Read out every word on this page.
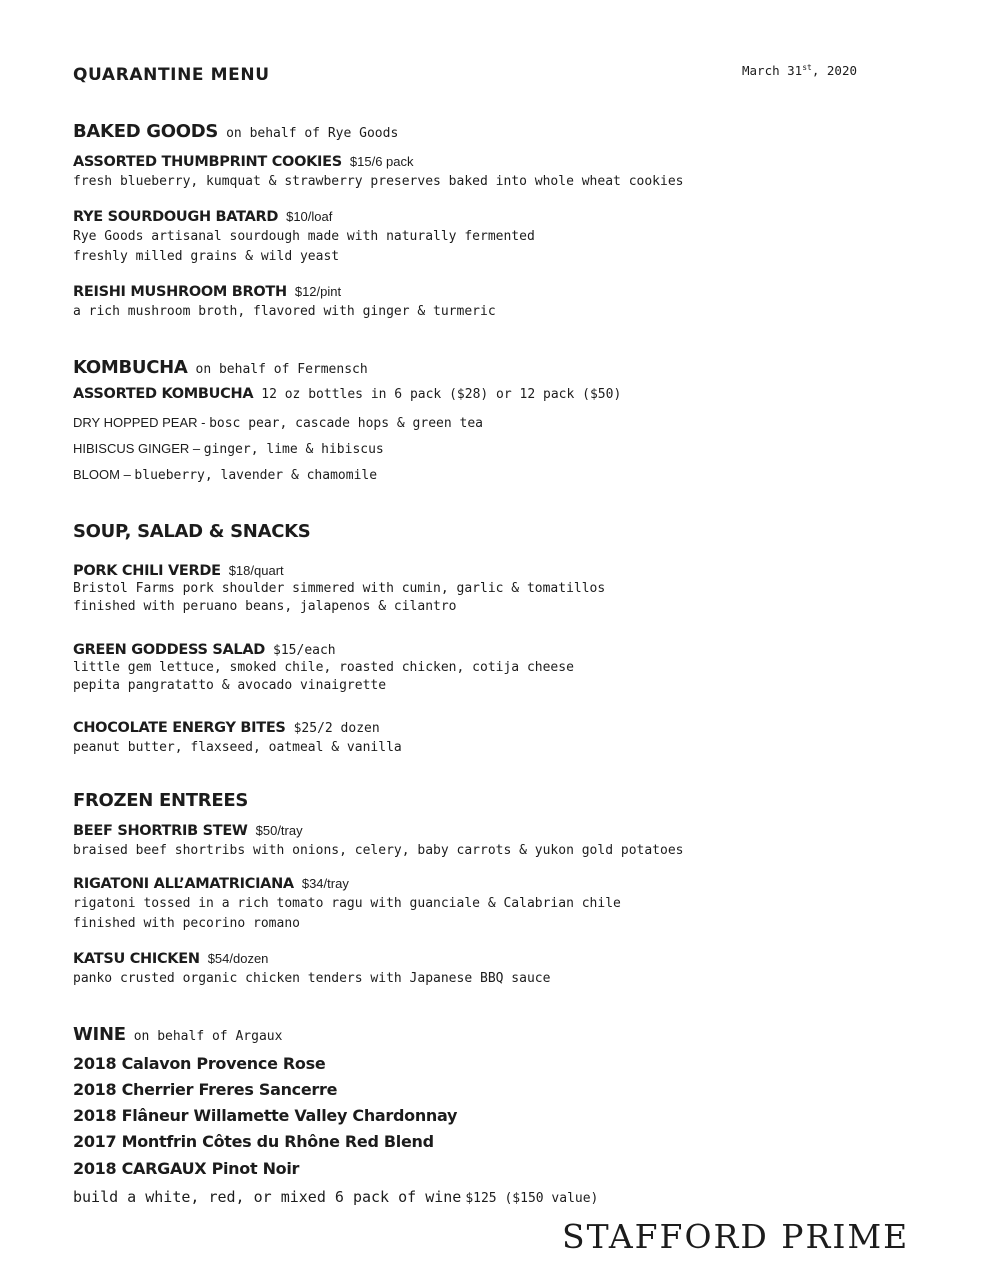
QUARANTINE MENU	March 31st, 2020
BAKED GOODS on behalf of Rye Goods
ASSORTED THUMBPRINT COOKIES $15/6 pack
fresh blueberry, kumquat & strawberry preserves baked into whole wheat cookies
RYE SOURDOUGH BATARD $10/loaf
Rye Goods artisanal sourdough made with naturally fermented
freshly milled grains & wild yeast
REISHI MUSHROOM BROTH $12/pint
a rich mushroom broth, flavored with ginger & turmeric
KOMBUCHA on behalf of Fermensch
ASSORTED KOMBUCHA 12 oz bottles in 6 pack ($28) or 12 pack ($50)
DRY HOPPED PEAR - bosc pear, cascade hops & green tea
HIBISCUS GINGER – ginger, lime & hibiscus
BLOOM – blueberry, lavender & chamomile
SOUP, SALAD & SNACKS
PORK CHILI VERDE $18/quart
Bristol Farms pork shoulder simmered with cumin, garlic & tomatillos
finished with peruano beans, jalapenos & cilantro
GREEN GODDESS SALAD $15/each
little gem lettuce, smoked chile, roasted chicken, cotija cheese
pepita pangratatto & avocado vinaigrette
CHOCOLATE ENERGY BITES $25/2 dozen
peanut butter, flaxseed, oatmeal & vanilla
FROZEN ENTREES
BEEF SHORTRIB STEW $50/tray
braised beef shortribs with onions, celery, baby carrots & yukon gold potatoes
RIGATONI ALL’AMATRICIANA $34/tray
rigatoni tossed in a rich tomato ragu with guanciale & Calabrian chile
finished with pecorino romano
KATSU CHICKEN $54/dozen
panko crusted organic chicken tenders with Japanese BBQ sauce
WINE on behalf of Argaux
2018 Calavon Provence Rose
2018 Cherrier Freres Sancerre
2018 Flâneur Willamette Valley Chardonnay
2017 Montfrin Côtes du Rhône Red Blend
2018 CARGAUX Pinot Noir
build a white, red, or mixed 6 pack of wine $125 ($150 value)
STAFFORD PRIME
